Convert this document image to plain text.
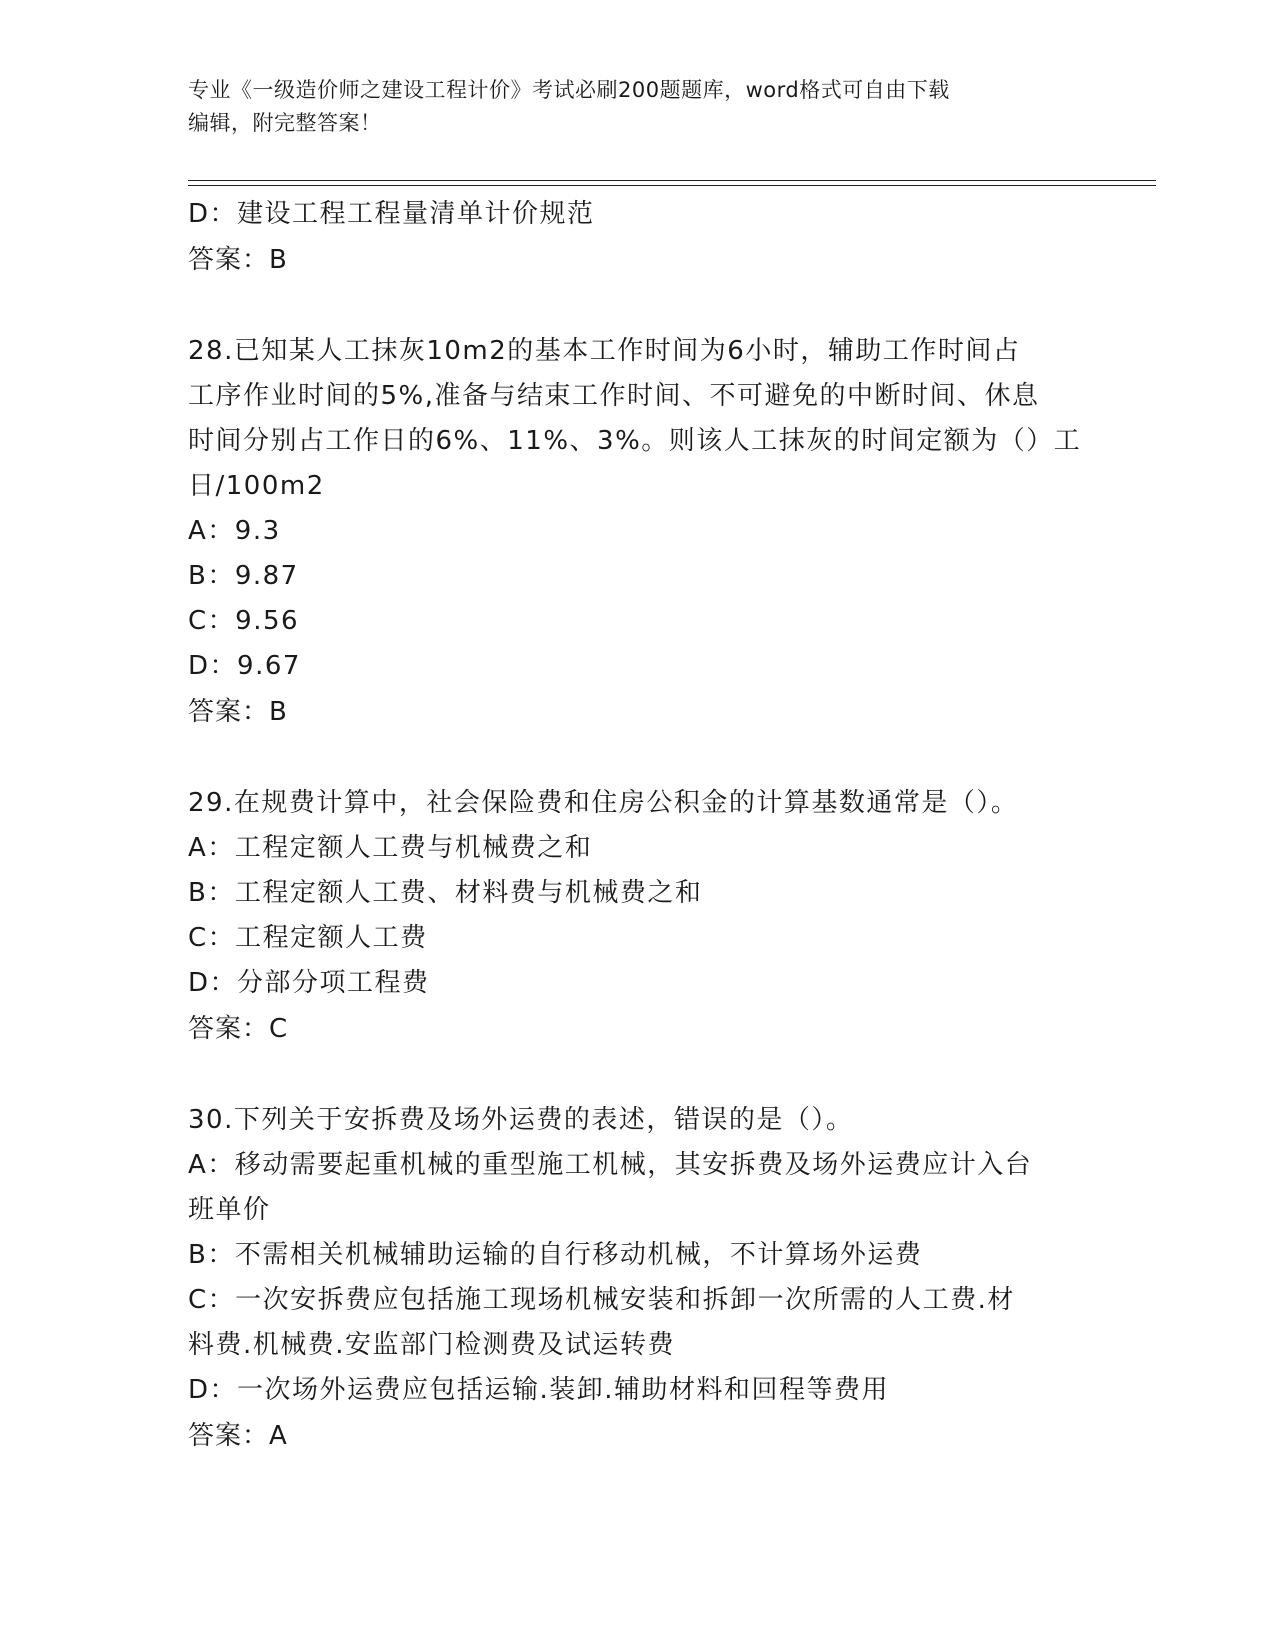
专业《一级造价师之建设工程计价》考试必刷200题题库，word格式可自由下载
编辑，附完整答案！
D：建设工程工程量清单计价规范
答案：B
28.已知某人工抹灰10m2的基本工作时间为6小时，辅助工作时间占
工序作业时间的5%,准备与结束工作时间、不可避免的中断时间、休息
时间分别占工作日的6%、11%、3%。则该人工抹灰的时间定额为（）工
日/100m2
A：9.3
B：9.87
C：9.56
D：9.67
答案：B
29.在规费计算中，社会保险费和住房公积金的计算基数通常是（）。
A：工程定额人工费与机械费之和
B：工程定额人工费、材料费与机械费之和
C：工程定额人工费
D：分部分项工程费
答案：C
30.下列关于安拆费及场外运费的表述，错误的是（）。
A：移动需要起重机械的重型施工机械，其安拆费及场外运费应计入台
班单价
B：不需相关机械辅助运输的自行移动机械，不计算场外运费
C：一次安拆费应包括施工现场机械安装和拆卸一次所需的人工费.材
料费.机械费.安监部门检测费及试运转费
D：一次场外运费应包括运输.装卸.辅助材料和回程等费用
答案：A
